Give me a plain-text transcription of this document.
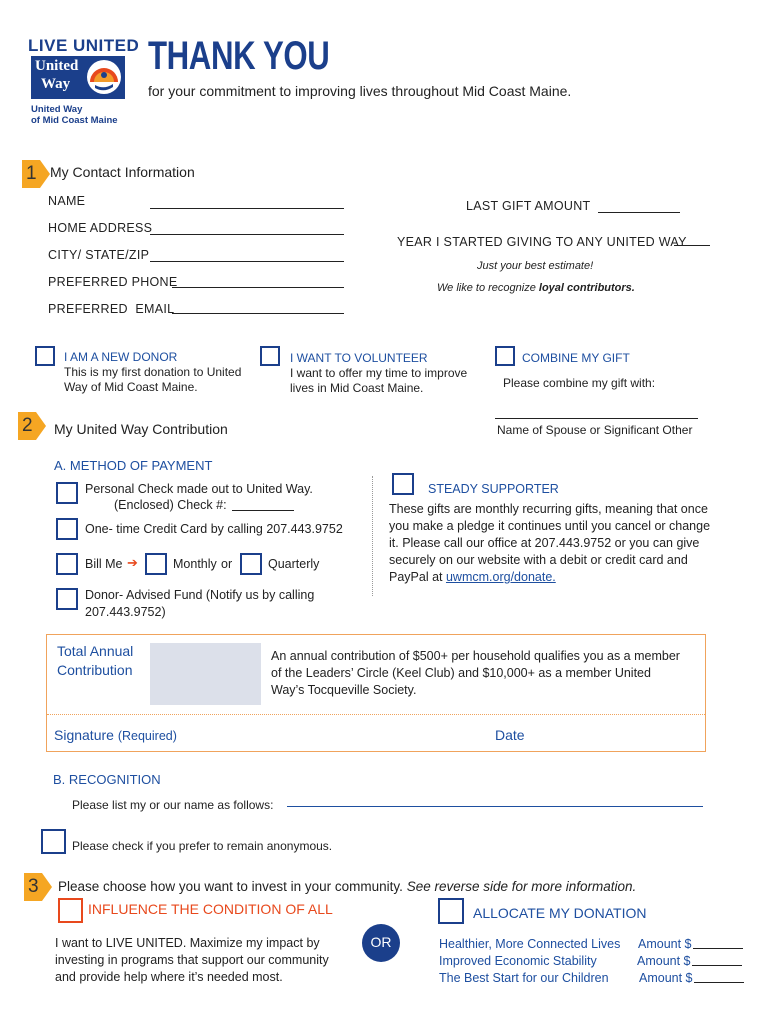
LIVE UNITED
United
Way
United Way
of Mid Coast Maine
THANK YOU
for your commitment to improving lives throughout Mid Coast Maine.
1 My Contact Information
NAME
HOME ADDRESS
CITY/ STATE/ZIP
PREFERRED PHONE
PREFERRED  EMAIL
LAST GIFT AMOUNT
YEAR I STARTED GIVING TO ANY UNITED WAY
Just your best estimate!
We like to recognize loyal contributors.
I AM A NEW DONOR
This is my first donation to United Way of Mid Coast Maine.
I WANT TO VOLUNTEER
I want to offer my time to improve lives in Mid Coast Maine.
COMBINE MY GIFT
Please combine my gift with:
Name of Spouse or Significant Other
2 My United Way Contribution
A. METHOD OF PAYMENT
Personal Check made out to United Way.
(Enclosed) Check #:
One- time Credit Card by calling 207.443.9752
Bill Me ➔	Monthly or	Quarterly
Donor- Advised Fund (Notify us by calling 207.443.9752)
STEADY SUPPORTER
These gifts are monthly recurring gifts, meaning that once you make a pledge it continues until you cancel or change it. Please call our office at 207.443.9752 or you can give securely on our website with a debit or credit card and PayPal at uwmcm.org/donate.
Total Annual Contribution
An annual contribution of $500+ per household qualifies you as a member of the Leaders’ Circle (Keel Club) and $10,000+ as a member United Way’s Tocqueville Society.
Signature (Required)	Date
B. RECOGNITION
Please list my or our name as follows:
Please check if you prefer to remain anonymous.
3 Please choose how you want to invest in your community. See reverse side for more information.
INFLUENCE THE CONDITION OF ALL
I want to LIVE UNITED. Maximize my impact by investing in programs that support our community and provide help where it’s needed most.
OR
ALLOCATE MY DONATION
Healthier, More Connected Lives Amount $
Improved Economic Stability	Amount $
The Best Start for our Children Amount $
